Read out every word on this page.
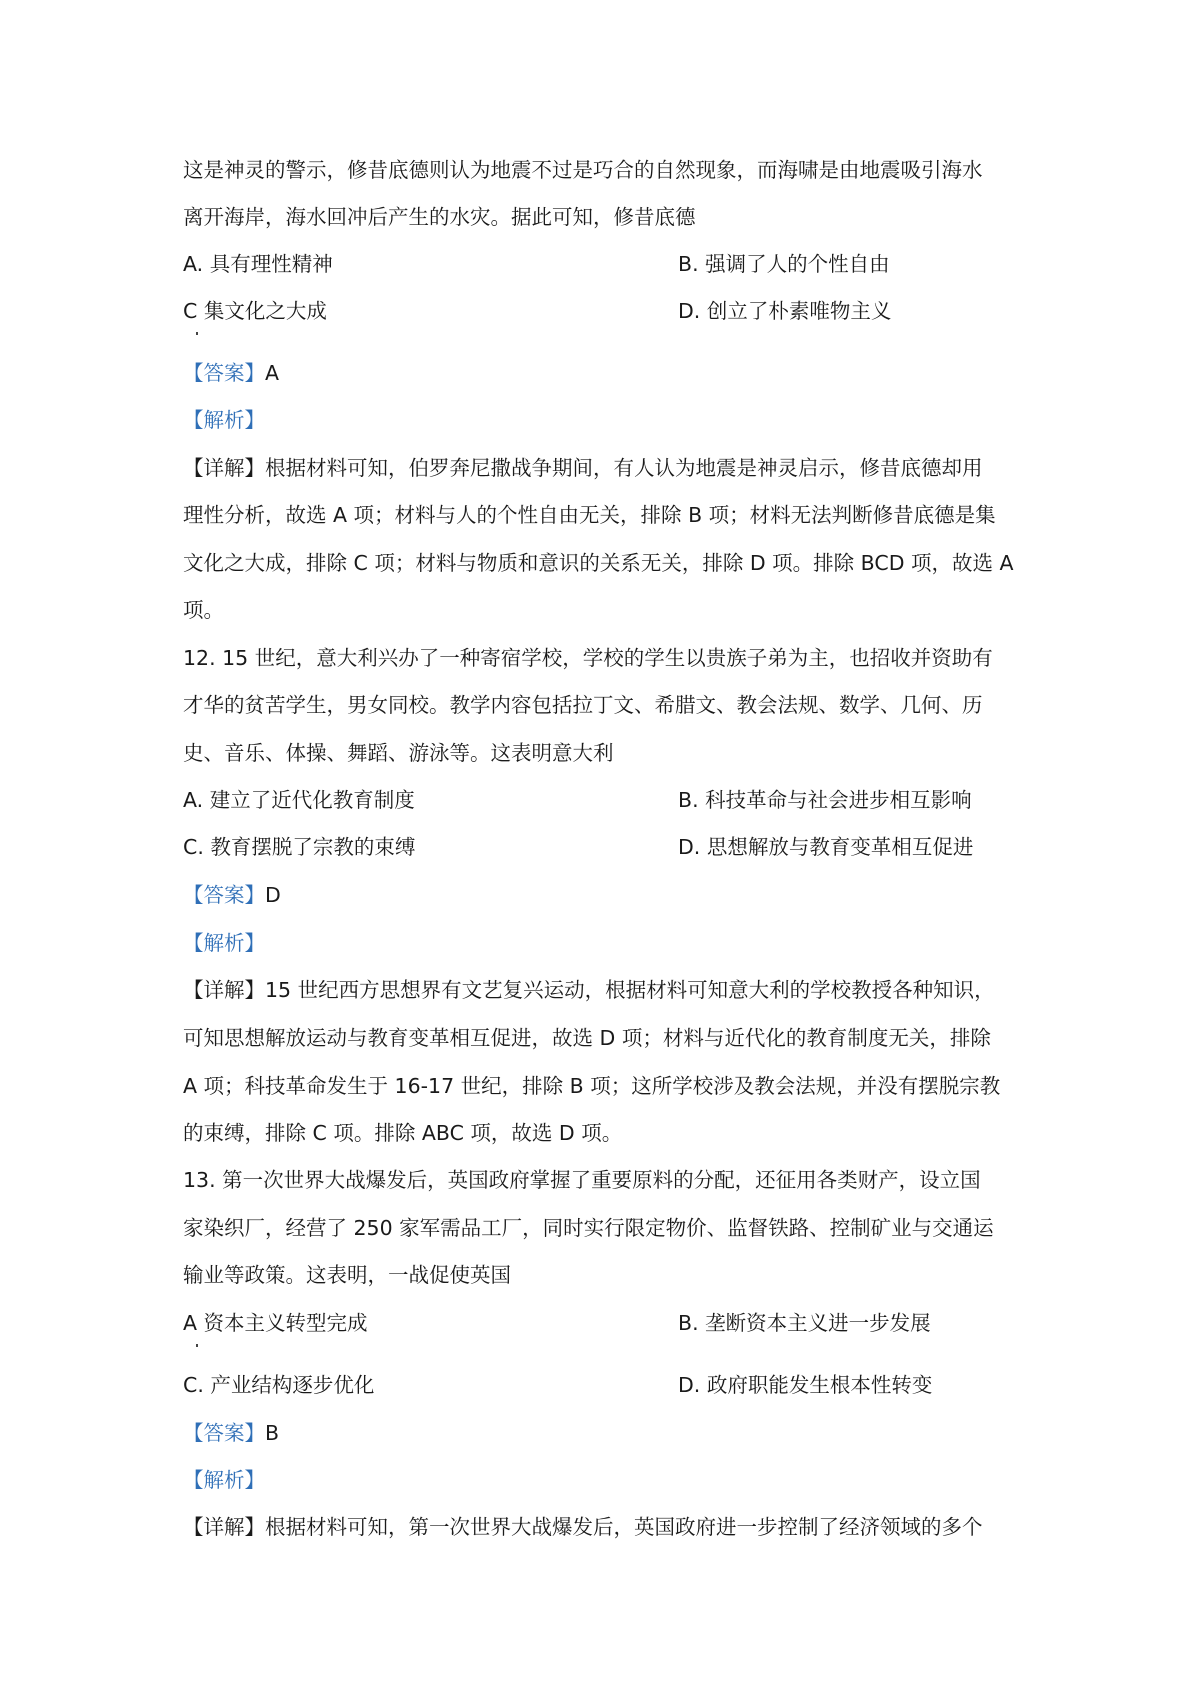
这是神灵的警示，修昔底德则认为地震不过是巧合的自然现象，而海啸是由地震吸引海水
离开海岸，海水回冲后产生的水灾。据此可知，修昔底德
A. 具有理性精神	B. 强调了人的个性自由
C 集文化之大成	D. 创立了朴素唯物主义
【答案】A
【解析】
【详解】根据材料可知，伯罗奔尼撒战争期间，有人认为地震是神灵启示，修昔底德却用
理性分析，故选 A 项；材料与人的个性自由无关，排除 B 项；材料无法判断修昔底德是集
文化之大成，排除 C 项；材料与物质和意识的关系无关，排除 D 项。排除 BCD 项，故选 A
项。
12. 15 世纪，意大利兴办了一种寄宿学校，学校的学生以贵族子弟为主，也招收并资助有
才华的贫苦学生，男女同校。教学内容包括拉丁文、希腊文、教会法规、数学、几何、历
史、音乐、体操、舞蹈、游泳等。这表明意大利
A. 建立了近代化教育制度	B. 科技革命与社会进步相互影响
C. 教育摆脱了宗教的束缚	D. 思想解放与教育变革相互促进
【答案】D
【解析】
【详解】15 世纪西方思想界有文艺复兴运动，根据材料可知意大利的学校教授各种知识，
可知思想解放运动与教育变革相互促进，故选 D 项；材料与近代化的教育制度无关，排除
A 项；科技革命发生于 16-17 世纪，排除 B 项；这所学校涉及教会法规，并没有摆脱宗教
的束缚，排除 C 项。排除 ABC 项，故选 D 项。
13. 第一次世界大战爆发后，英国政府掌握了重要原料的分配，还征用各类财产，设立国
家染织厂，经营了 250 家军需品工厂，同时实行限定物价、监督铁路、控制矿业与交通运
输业等政策。这表明，一战促使英国
A 资本主义转型完成	B. 垄断资本主义进一步发展
C. 产业结构逐步优化	D. 政府职能发生根本性转变
【答案】B
【解析】
【详解】根据材料可知，第一次世界大战爆发后，英国政府进一步控制了经济领域的多个
